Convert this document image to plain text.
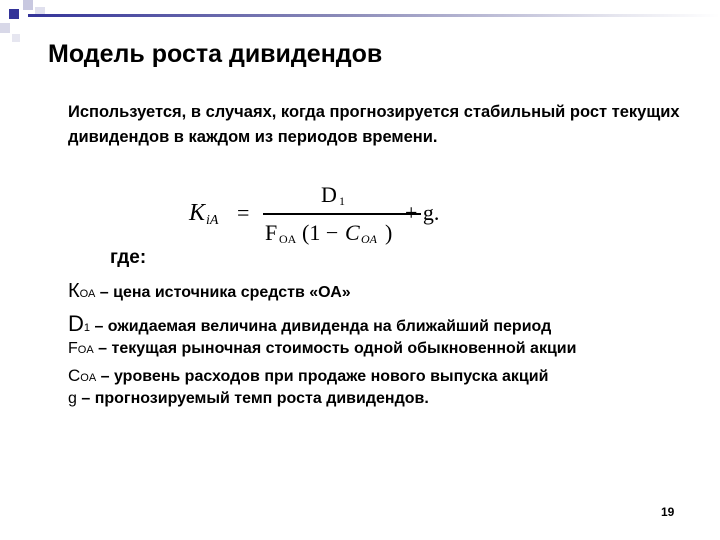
Модель роста дивидендов
Используется, в случаях, когда прогнозируется стабильный рост текущих дивидендов в каждом из периодов времени.
K iA =
D 1
F OA (1 − C OA )
+ g.
где:
КОА – цена источника средств «ОА»
D1 – ожидаемая величина дивиденда на ближайший период
FOA – текущая рыночная стоимость одной обыкновенной акции
COA – уровень расходов при продаже нового выпуска акций
g – прогнозируемый темп роста дивидендов.
19
